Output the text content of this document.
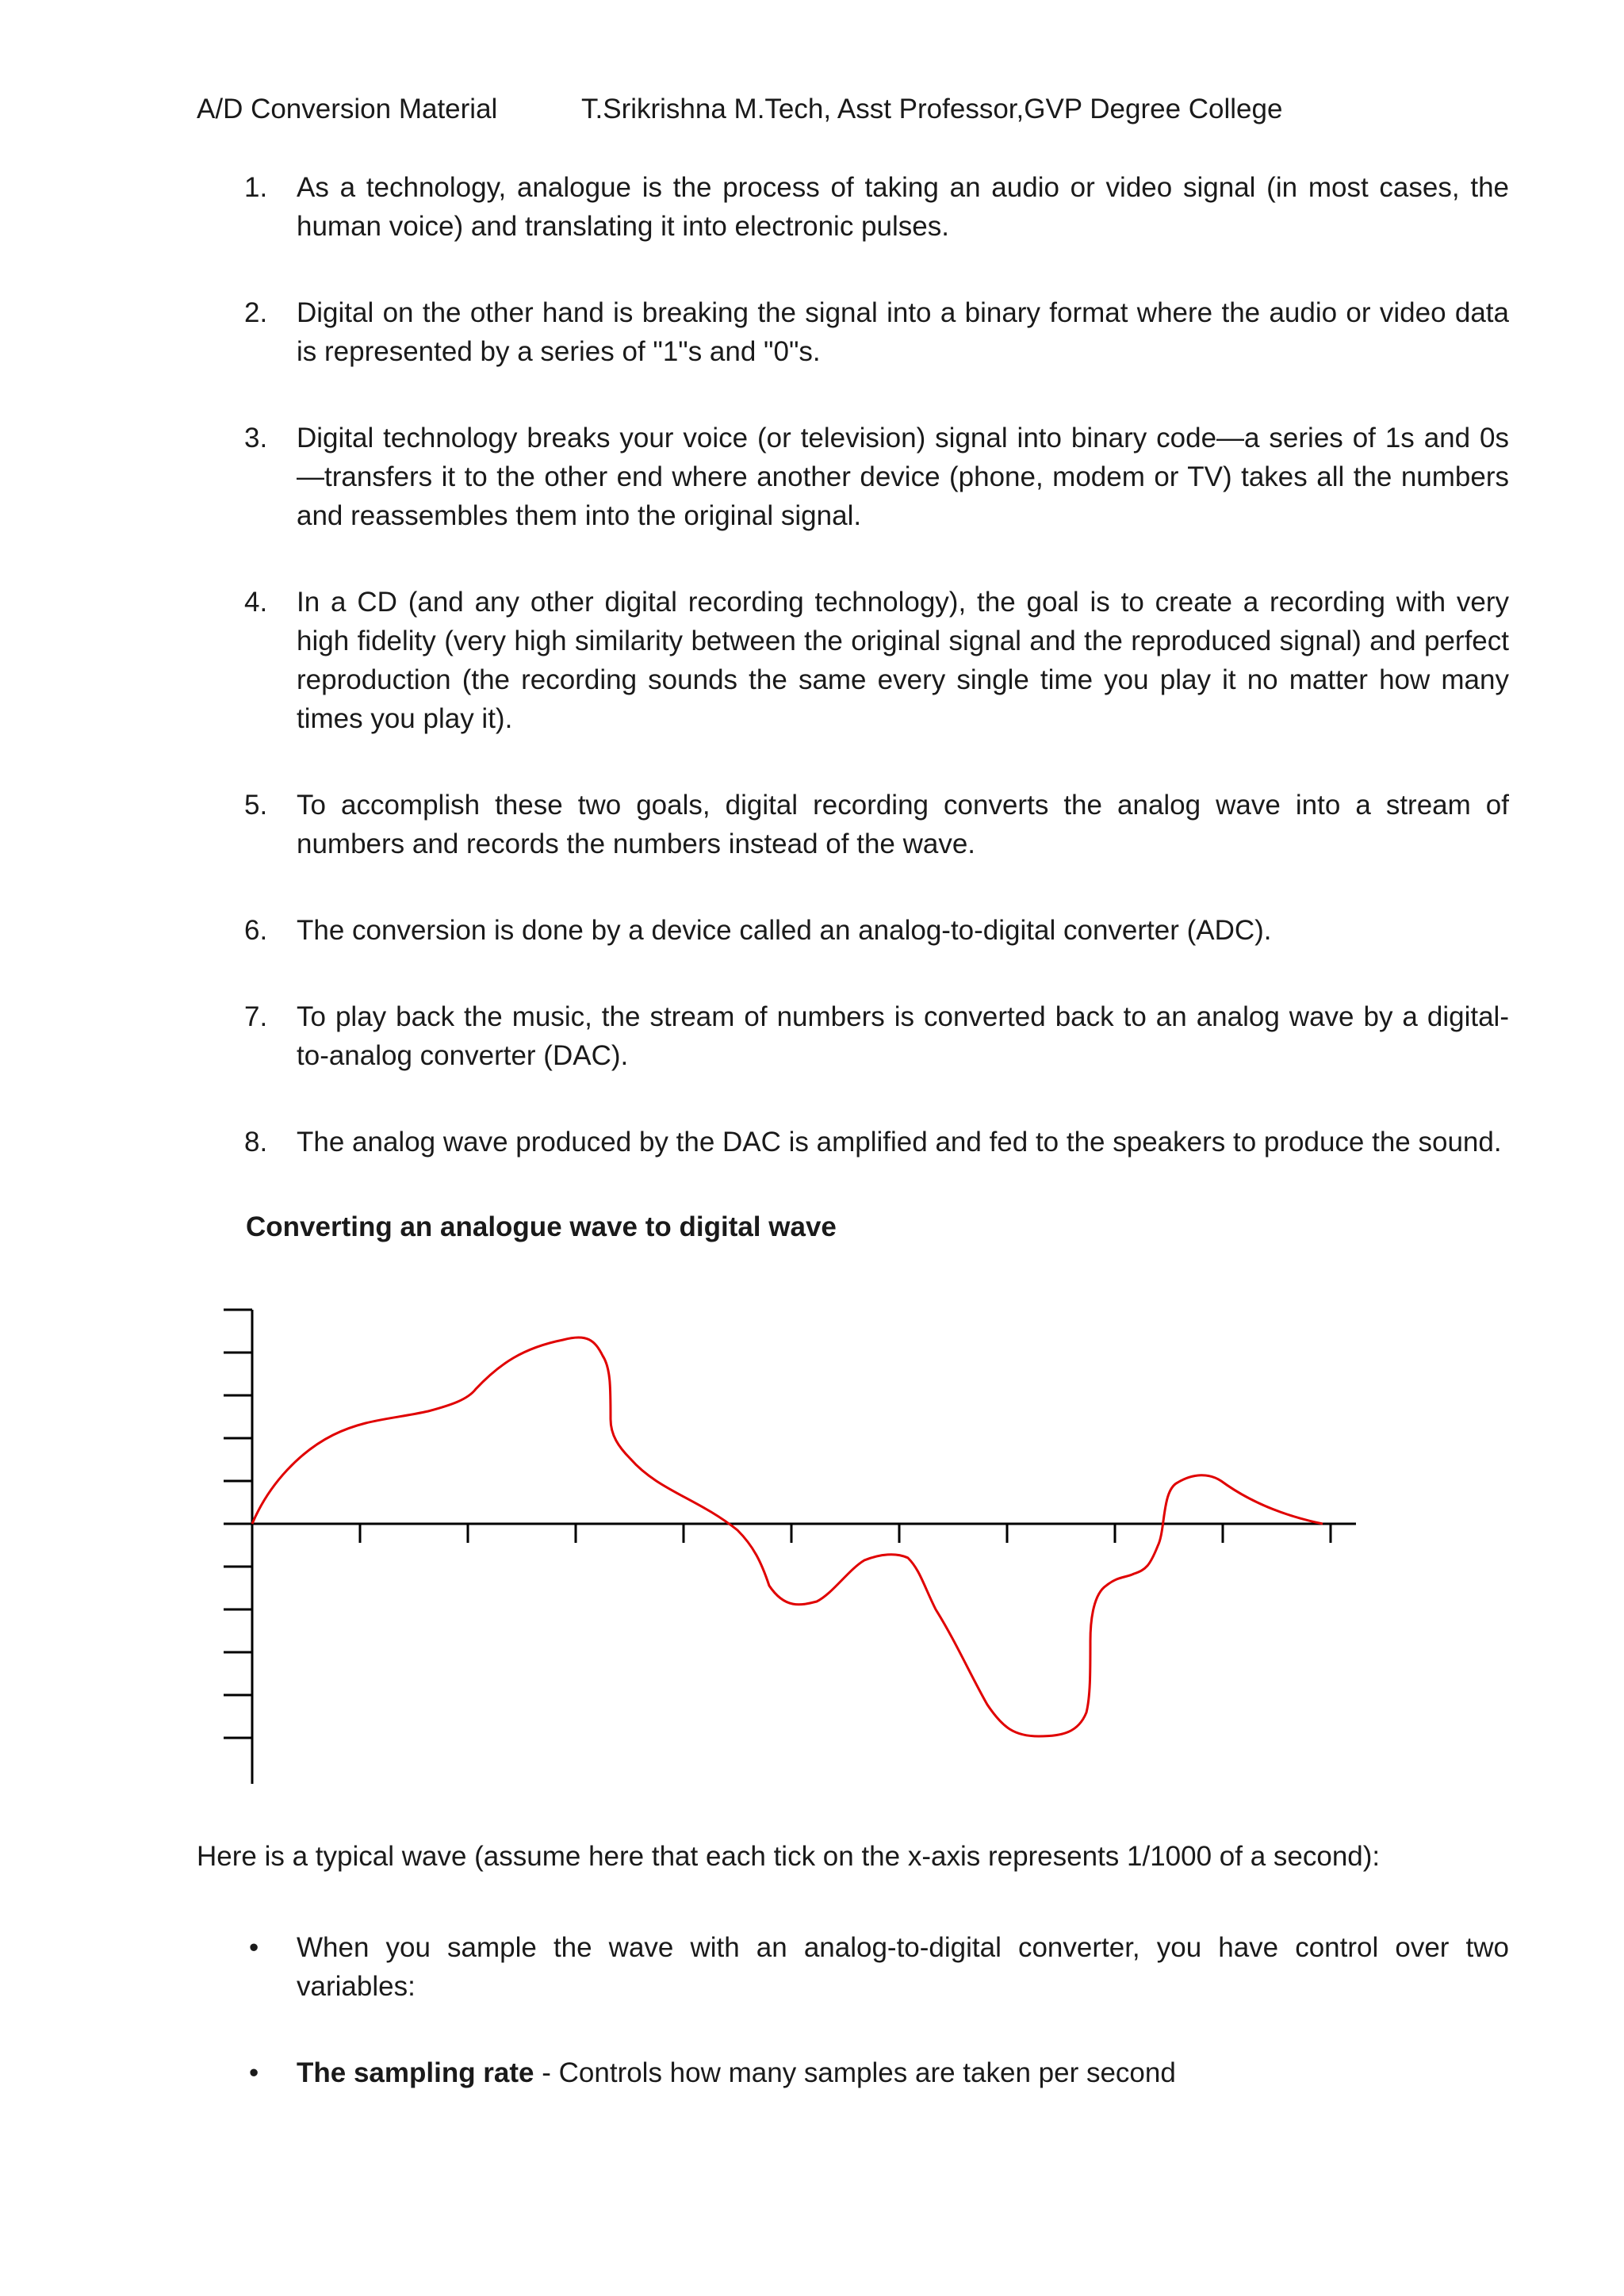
A/D Conversion Material	T.Srikrishna M.Tech, Asst Professor,GVP Degree College
1. As a technology, analogue is the process of taking an audio or video signal (in most cases, the human voice) and translating it into electronic pulses.
2. Digital on the other hand is breaking the signal into a binary format where the audio or video data is represented by a series of "1"s and "0"s.
3. Digital technology breaks your voice (or television) signal into binary code—a series of 1s and 0s—transfers it to the other end where another device (phone, modem or TV) takes all the numbers and reassembles them into the original signal.
4. In a CD (and any other digital recording technology), the goal is to create a recording with very high fidelity (very high similarity between the original signal and the reproduced signal) and perfect reproduction (the recording sounds the same every single time you play it no matter how many times you play it).
5. To accomplish these two goals, digital recording converts the analog wave into a stream of numbers and records the numbers instead of the wave.
6. The conversion is done by a device called an analog-to-digital converter (ADC).
7. To play back the music, the stream of numbers is converted back to an analog wave by a digital-to-analog converter (DAC).
8. The analog wave produced by the DAC is amplified and fed to the speakers to produce the sound.
Converting an analogue wave to digital wave
Here is a typical wave (assume here that each tick on the x-axis represents 1/1000 of a second):
• When you sample the wave with an analog-to-digital converter, you have control over two variables:
• The sampling rate - Controls how many samples are taken per second
